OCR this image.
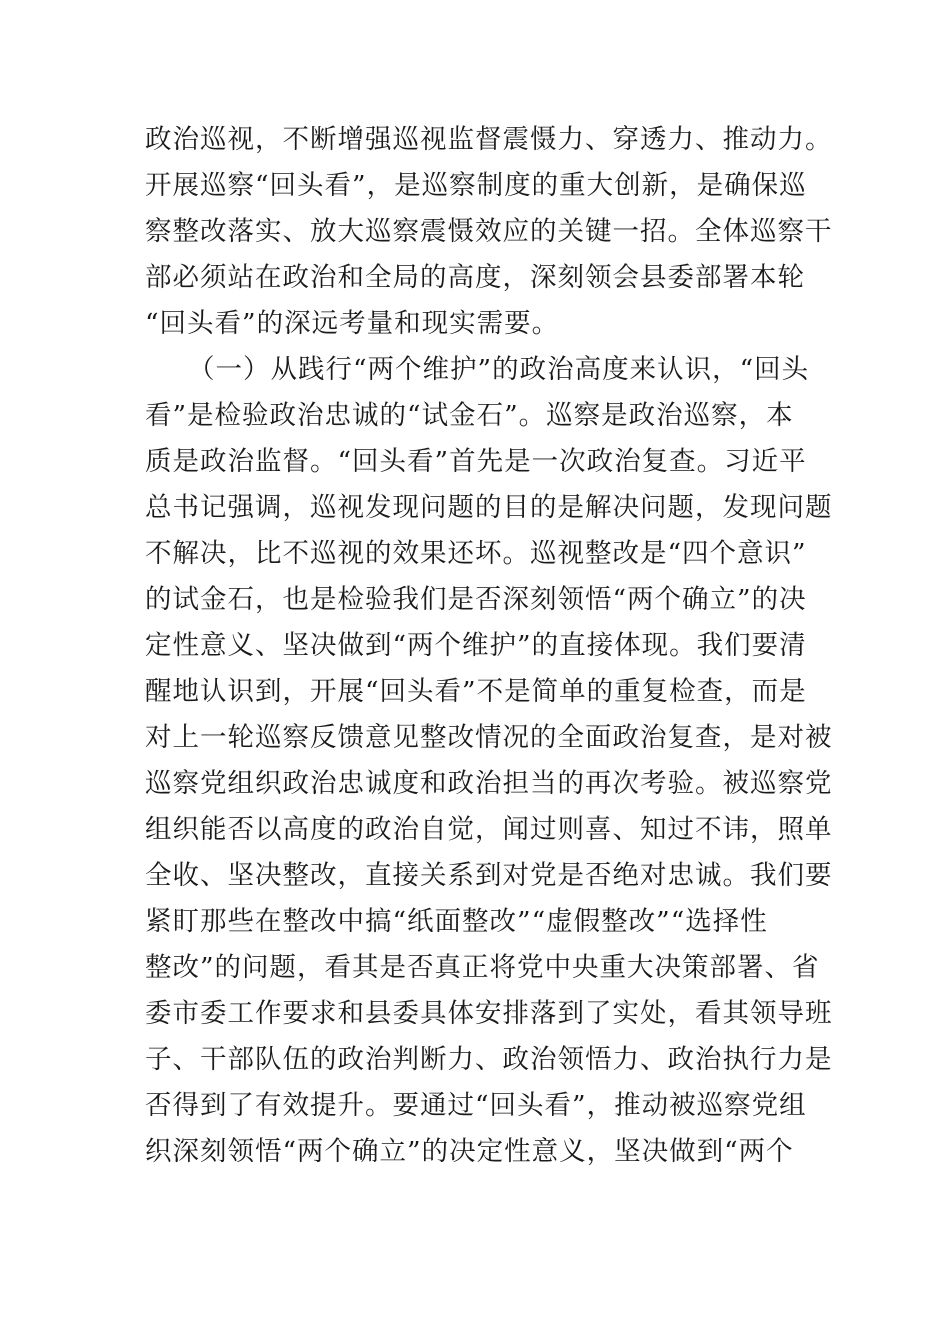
政治巡视，不断增强巡视监督震慑力、穿透力、推动力。
开展巡察“回头看”，是巡察制度的重大创新，是确保巡
察整改落实、放大巡察震慑效应的关键一招。全体巡察干
部必须站在政治和全局的高度，深刻领会县委部署本轮
“回头看”的深远考量和现实需要。
（一）从践行“两个维护”的政治高度来认识，“回头
看”是检验政治忠诚的“试金石”。巡察是政治巡察，本
质是政治监督。“回头看”首先是一次政治复查。习近平
总书记强调，巡视发现问题的目的是解决问题，发现问题
不解决，比不巡视的效果还坏。巡视整改是“四个意识”
的试金石，也是检验我们是否深刻领悟“两个确立”的决
定性意义、坚决做到“两个维护”的直接体现。我们要清
醒地认识到，开展“回头看”不是简单的重复检查，而是
对上一轮巡察反馈意见整改情况的全面政治复查，是对被
巡察党组织政治忠诚度和政治担当的再次考验。被巡察党
组织能否以高度的政治自觉，闻过则喜、知过不讳，照单
全收、坚决整改，直接关系到对党是否绝对忠诚。我们要
紧盯那些在整改中搞“纸面整改”“虚假整改”“选择性
整改”的问题，看其是否真正将党中央重大决策部署、省
委市委工作要求和县委具体安排落到了实处，看其领导班
子、干部队伍的政治判断力、政治领悟力、政治执行力是
否得到了有效提升。要通过“回头看”，推动被巡察党组
织深刻领悟“两个确立”的决定性意义，坚决做到“两个
